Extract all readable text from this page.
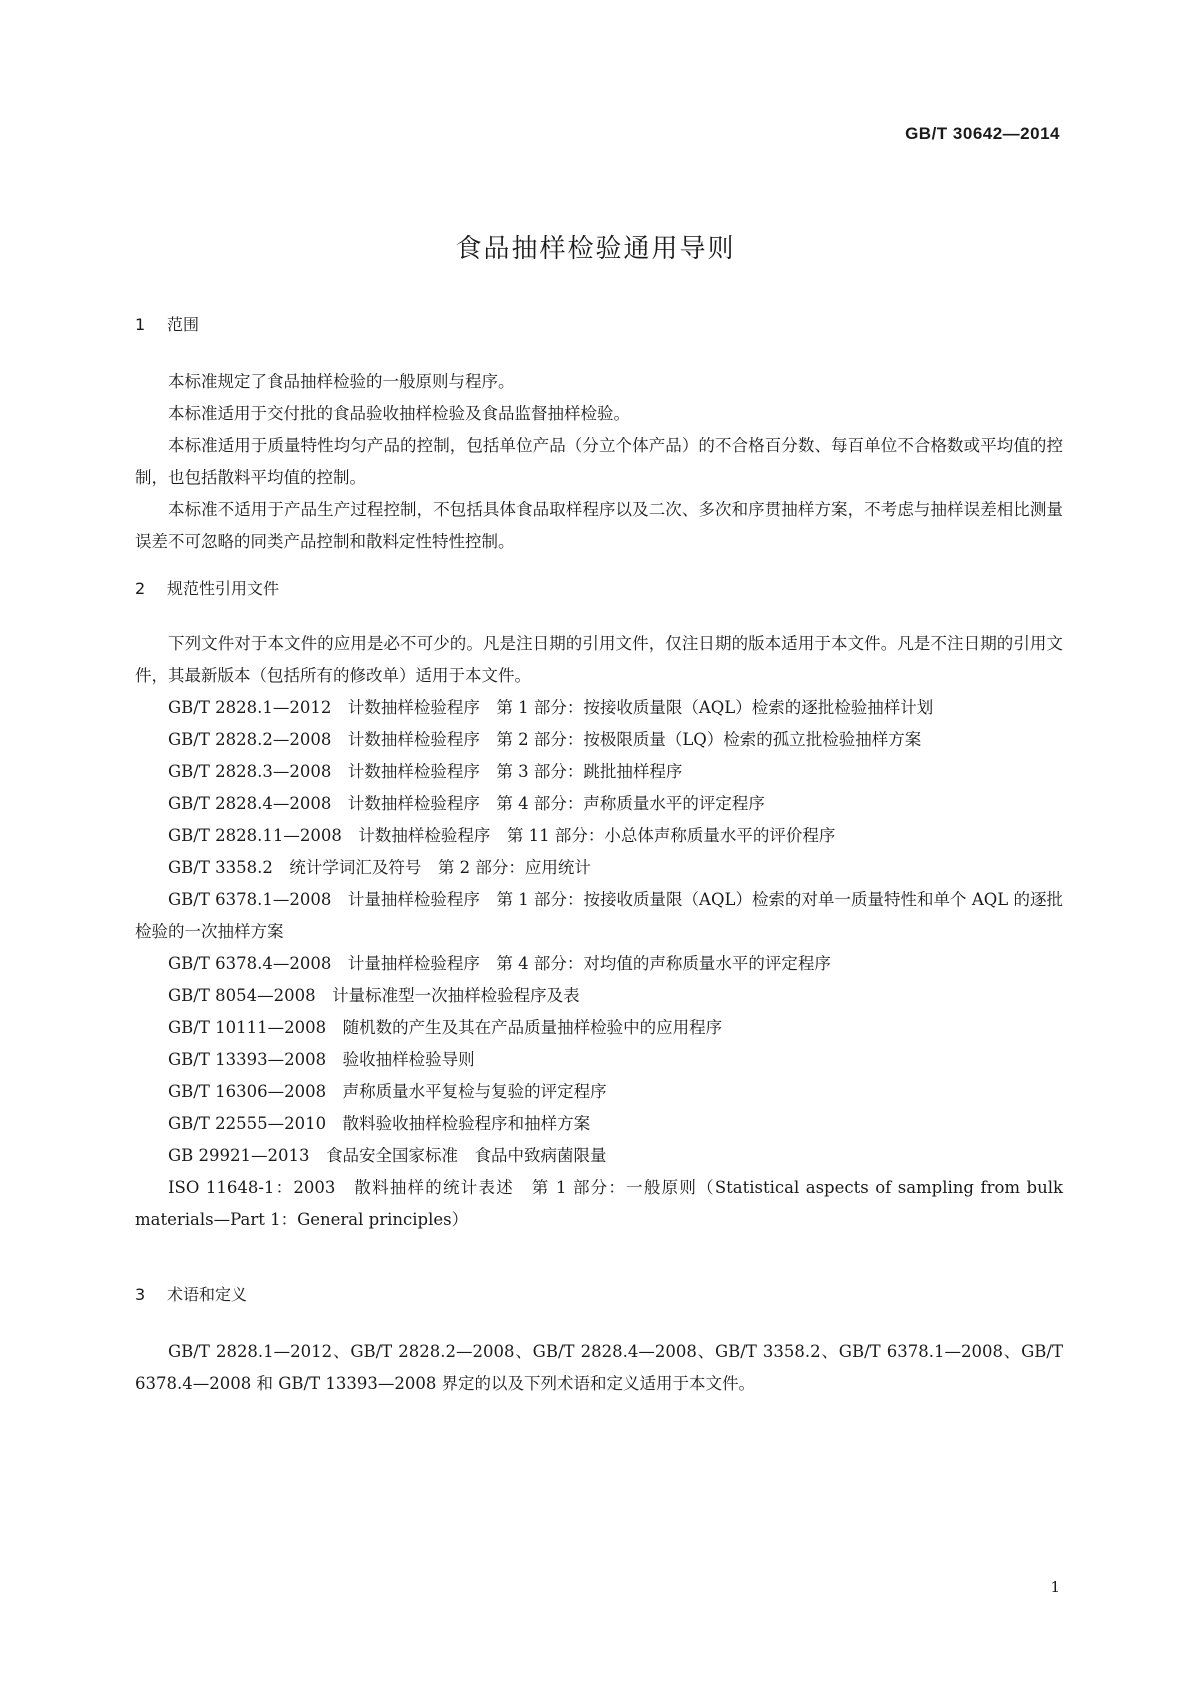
GB/T 30642—2014
食品抽样检验通用导则
1 范围

本标准规定了食品抽样检验的一般原则与程序。

本标准适用于交付批的食品验收抽样检验及食品监督抽样检验。

本标准适用于质量特性均匀产品的控制，包括单位产品（分立个体产品）的不合格百分数、每百单位不合格数或平均值的控制，也包括散料平均值的控制。

本标准不适用于产品生产过程控制，不包括具体食品取样程序以及二次、多次和序贯抽样方案，不考虑与抽样误差相比测量误差不可忽略的同类产品控制和散料定性特性控制。

2 规范性引用文件

下列文件对于本文件的应用是必不可少的。凡是注日期的引用文件，仅注日期的版本适用于本文件。凡是不注日期的引用文件，其最新版本（包括所有的修改单）适用于本文件。

GB/T 2828.1—2012　计数抽样检验程序　第 1 部分：按接收质量限（AQL）检索的逐批检验抽样计划

GB/T 2828.2—2008　计数抽样检验程序　第 2 部分：按极限质量（LQ）检索的孤立批检验抽样方案

GB/T 2828.3—2008　计数抽样检验程序　第 3 部分：跳批抽样程序

GB/T 2828.4—2008　计数抽样检验程序　第 4 部分：声称质量水平的评定程序

GB/T 2828.11—2008　计数抽样检验程序　第 11 部分：小总体声称质量水平的评价程序

GB/T 3358.2　统计学词汇及符号　第 2 部分：应用统计

GB/T 6378.1—2008　计量抽样检验程序　第 1 部分：按接收质量限（AQL）检索的对单一质量特性和单个 AQL 的逐批检验的一次抽样方案

GB/T 6378.4—2008　计量抽样检验程序　第 4 部分：对均值的声称质量水平的评定程序

GB/T 8054—2008　计量标准型一次抽样检验程序及表

GB/T 10111—2008　随机数的产生及其在产品质量抽样检验中的应用程序

GB/T 13393—2008　验收抽样检验导则

GB/T 16306—2008　声称质量水平复检与复验的评定程序

GB/T 22555—2010　散料验收抽样检验程序和抽样方案

GB 29921—2013　食品安全国家标准　食品中致病菌限量

ISO 11648-1：2003　散料抽样的统计表述　第 1 部分：一般原则（Statistical aspects of sampling from bulk materials—Part 1：General principles）

3 术语和定义

GB/T 2828.1—2012、GB/T 2828.2—2008、GB/T 2828.4—2008、GB/T 3358.2、GB/T 6378.1—2008、GB/T 6378.4—2008 和 GB/T 13393—2008 界定的以及下列术语和定义适用于本文件。

1
